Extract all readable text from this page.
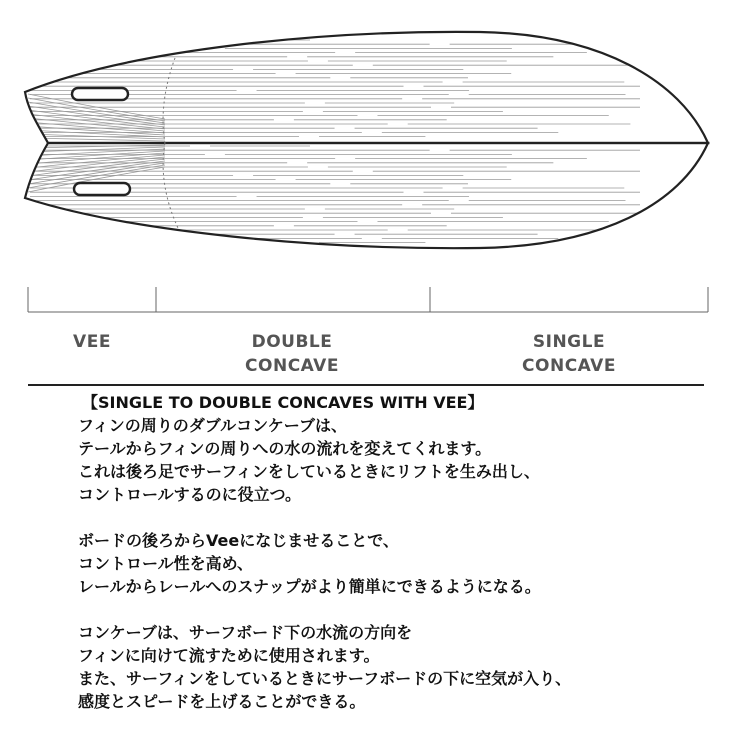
VEE	DOUBLE
CONCAVE
SINGLE
CONCAVE
【SINGLE TO DOUBLE CONCAVES WITH VEE】
フィンの周りのダブルコンケーブは、
テールからフィンの周りへの水の流れを変えてくれます。
これは後ろ足でサーフィンをしているときにリフトを生み出し、
コントロールするのに役立つ。
ボードの後ろからVeeになじませることで、
コントロール性を高め、
レールからレールへのスナップがより簡単にできるようになる。
コンケーブは、サーフボード下の水流の方向を
フィンに向けて流すために使用されます。
また、サーフィンをしているときにサーフボードの下に空気が入り、
感度とスピードを上げることができる。
